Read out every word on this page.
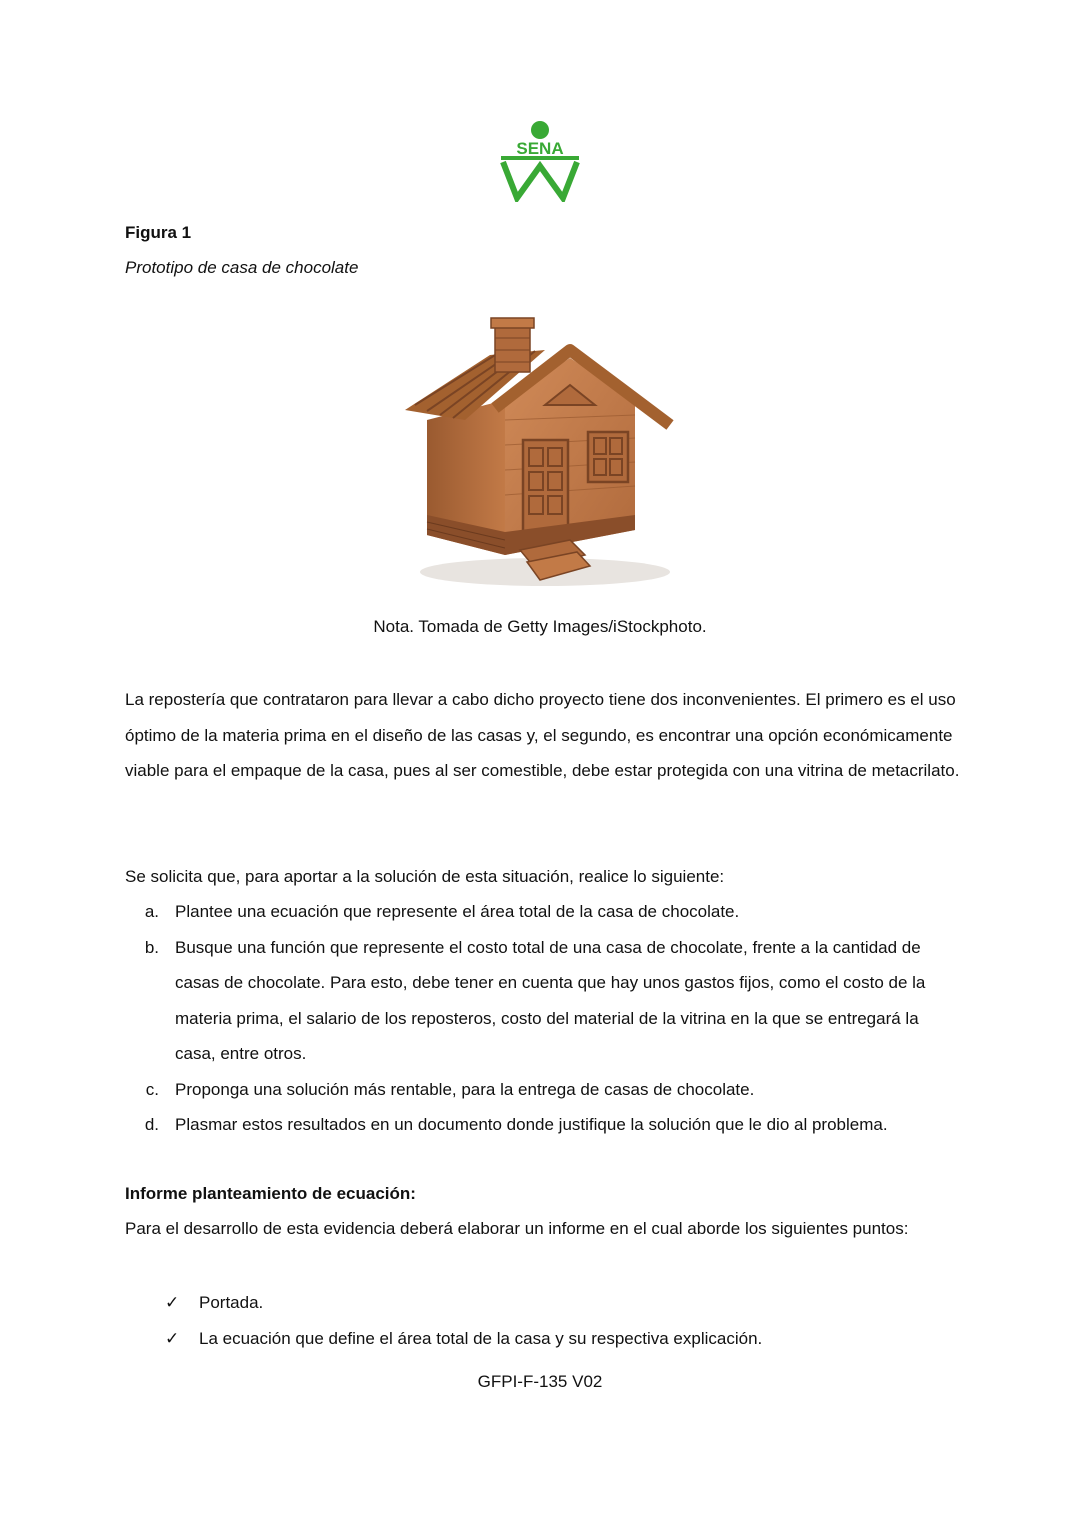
SENA
Figura 1
Prototipo de casa de chocolate
Nota. Tomada de Getty Images/iStockphoto.

La repostería que contrataron para llevar a cabo dicho proyecto tiene dos inconvenientes. El primero es el uso óptimo de la materia prima en el diseño de las casas y, el segundo, es encontrar una opción económicamente viable para el empaque de la casa, pues al ser comestible, debe estar protegida con una vitrina de metacrilato.

Se solicita que, para aportar a la solución de esta situación, realice lo siguiente:

a. Plantee una ecuación que represente el área total de la casa de chocolate.
b. Busque una función que represente el costo total de una casa de chocolate, frente a la cantidad de casas de chocolate. Para esto, debe tener en cuenta que hay unos gastos fijos, como el costo de la materia prima, el salario de los reposteros, costo del material de la vitrina en la que se entregará la casa, entre otros.
c. Proponga una solución más rentable, para la entrega de casas de chocolate.
d. Plasmar estos resultados en un documento donde justifique la solución que le dio al problema.
Informe planteamiento de ecuación:
Para el desarrollo de esta evidencia deberá elaborar un informe en el cual aborde los siguientes puntos:
✓ Portada.
✓ La ecuación que define el área total de la casa y su respectiva explicación.
GFPI-F-135 V02
